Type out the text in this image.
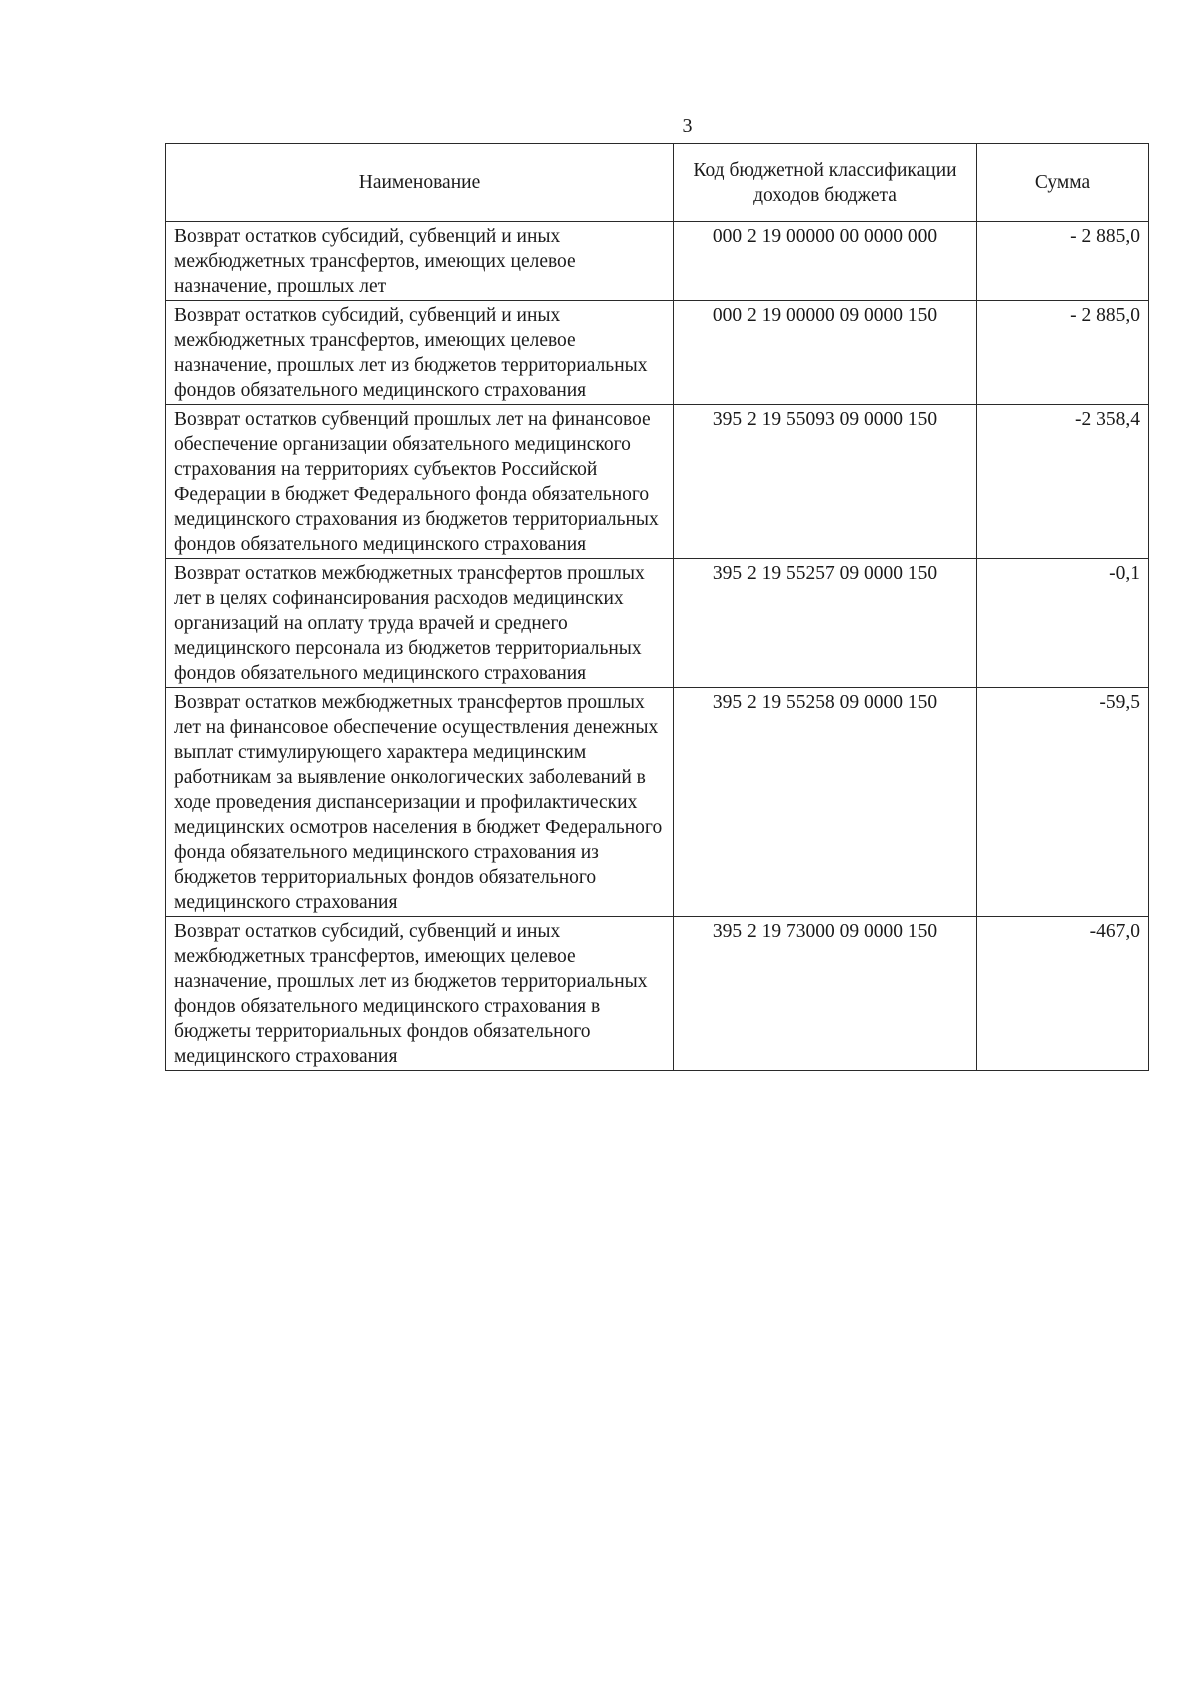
3
Наименование	Код бюджетной классификации доходов бюджета	Сумма
Возврат остатков субсидий, субвенций и иных межбюджетных трансфертов, имеющих целевое назначение, прошлых лет	000 2 19 00000 00 0000 000	- 2 885,0
Возврат остатков субсидий, субвенций и иных межбюджетных трансфертов, имеющих целевое назначение, прошлых лет из бюджетов территориальных фондов обязательного медицинского страхования	000 2 19 00000 09 0000 150	- 2 885,0
Возврат остатков субвенций прошлых лет на финансовое обеспечение организации обязательного медицинского страхования на территориях субъектов Российской Федерации в бюджет Федерального фонда обязательного медицинского страхования из бюджетов территориальных фондов обязательного медицинского страхования	395 2 19 55093 09 0000 150	-2 358,4
Возврат остатков межбюджетных трансфертов прошлых лет в целях софинансирования расходов медицинских организаций на оплату труда врачей и среднего медицинского персонала из бюджетов территориальных фондов обязательного медицинского страхования	395 2 19 55257 09 0000 150	-0,1
Возврат остатков межбюджетных трансфертов прошлых лет на финансовое обеспечение осуществления денежных выплат стимулирующего характера медицинским работникам за выявление онкологических заболеваний в ходе проведения диспансеризации и профилактических медицинских осмотров населения в бюджет Федерального фонда обязательного медицинского страхования из бюджетов территориальных фондов обязательного медицинского страхования	395 2 19 55258 09 0000 150	-59,5
Возврат остатков субсидий, субвенций и иных межбюджетных трансфертов, имеющих целевое назначение, прошлых лет из бюджетов территориальных фондов обязательного медицинского страхования в бюджеты территориальных фондов обязательного медицинского страхования	395 2 19 73000 09 0000 150	-467,0
